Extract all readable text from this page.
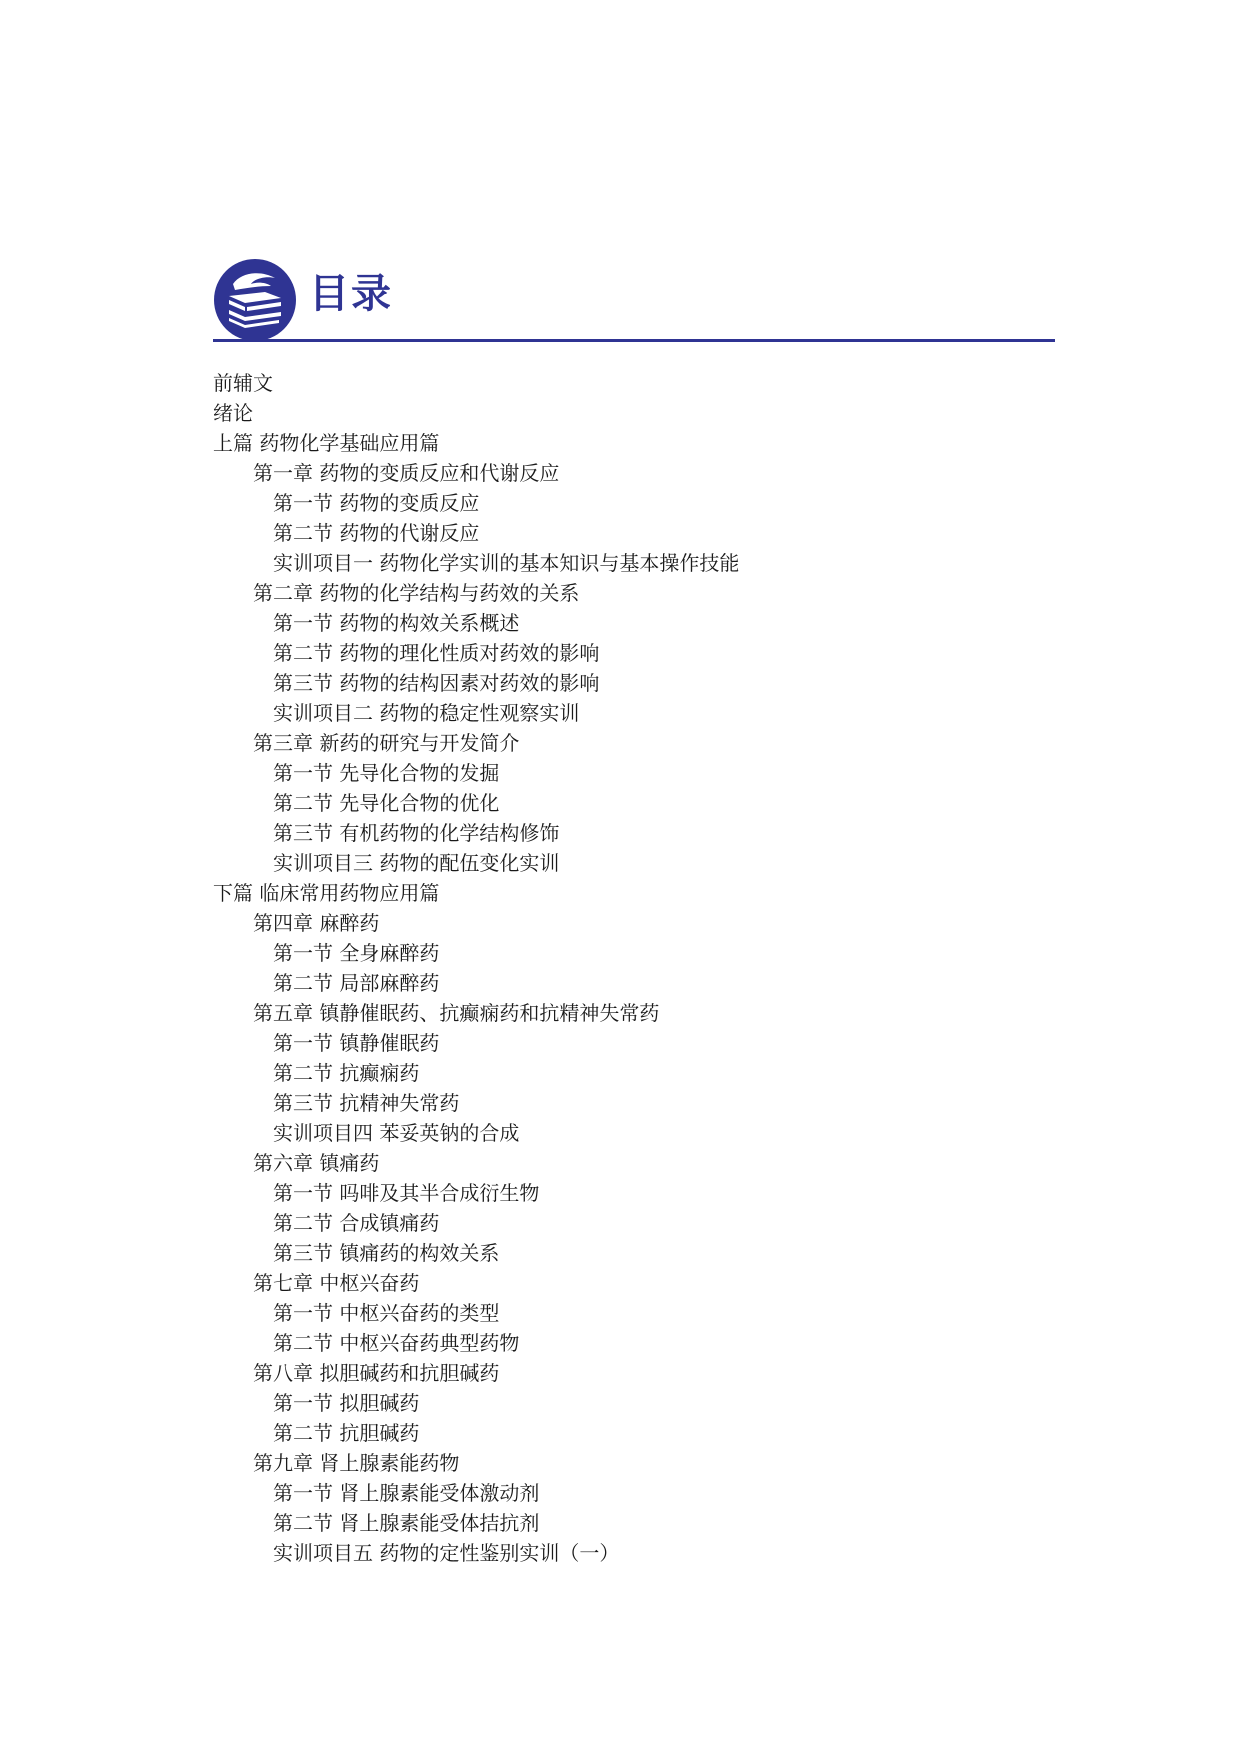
目录
前辅文
绪论
上篇 药物化学基础应用篇
第一章 药物的变质反应和代谢反应
第一节 药物的变质反应
第二节 药物的代谢反应
实训项目一 药物化学实训的基本知识与基本操作技能
第二章 药物的化学结构与药效的关系
第一节 药物的构效关系概述
第二节 药物的理化性质对药效的影响
第三节 药物的结构因素对药效的影响
实训项目二 药物的稳定性观察实训
第三章 新药的研究与开发简介
第一节 先导化合物的发掘
第二节 先导化合物的优化
第三节 有机药物的化学结构修饰
实训项目三 药物的配伍变化实训
下篇 临床常用药物应用篇
第四章 麻醉药
第一节 全身麻醉药
第二节 局部麻醉药
第五章 镇静催眠药、抗癫痫药和抗精神失常药
第一节 镇静催眠药
第二节 抗癫痫药
第三节 抗精神失常药
实训项目四 苯妥英钠的合成
第六章 镇痛药
第一节 吗啡及其半合成衍生物
第二节 合成镇痛药
第三节 镇痛药的构效关系
第七章 中枢兴奋药
第一节 中枢兴奋药的类型
第二节 中枢兴奋药典型药物
第八章 拟胆碱药和抗胆碱药
第一节 拟胆碱药
第二节 抗胆碱药
第九章 肾上腺素能药物
第一节 肾上腺素能受体激动剂
第二节 肾上腺素能受体拮抗剂
实训项目五 药物的定性鉴别实训（一）
